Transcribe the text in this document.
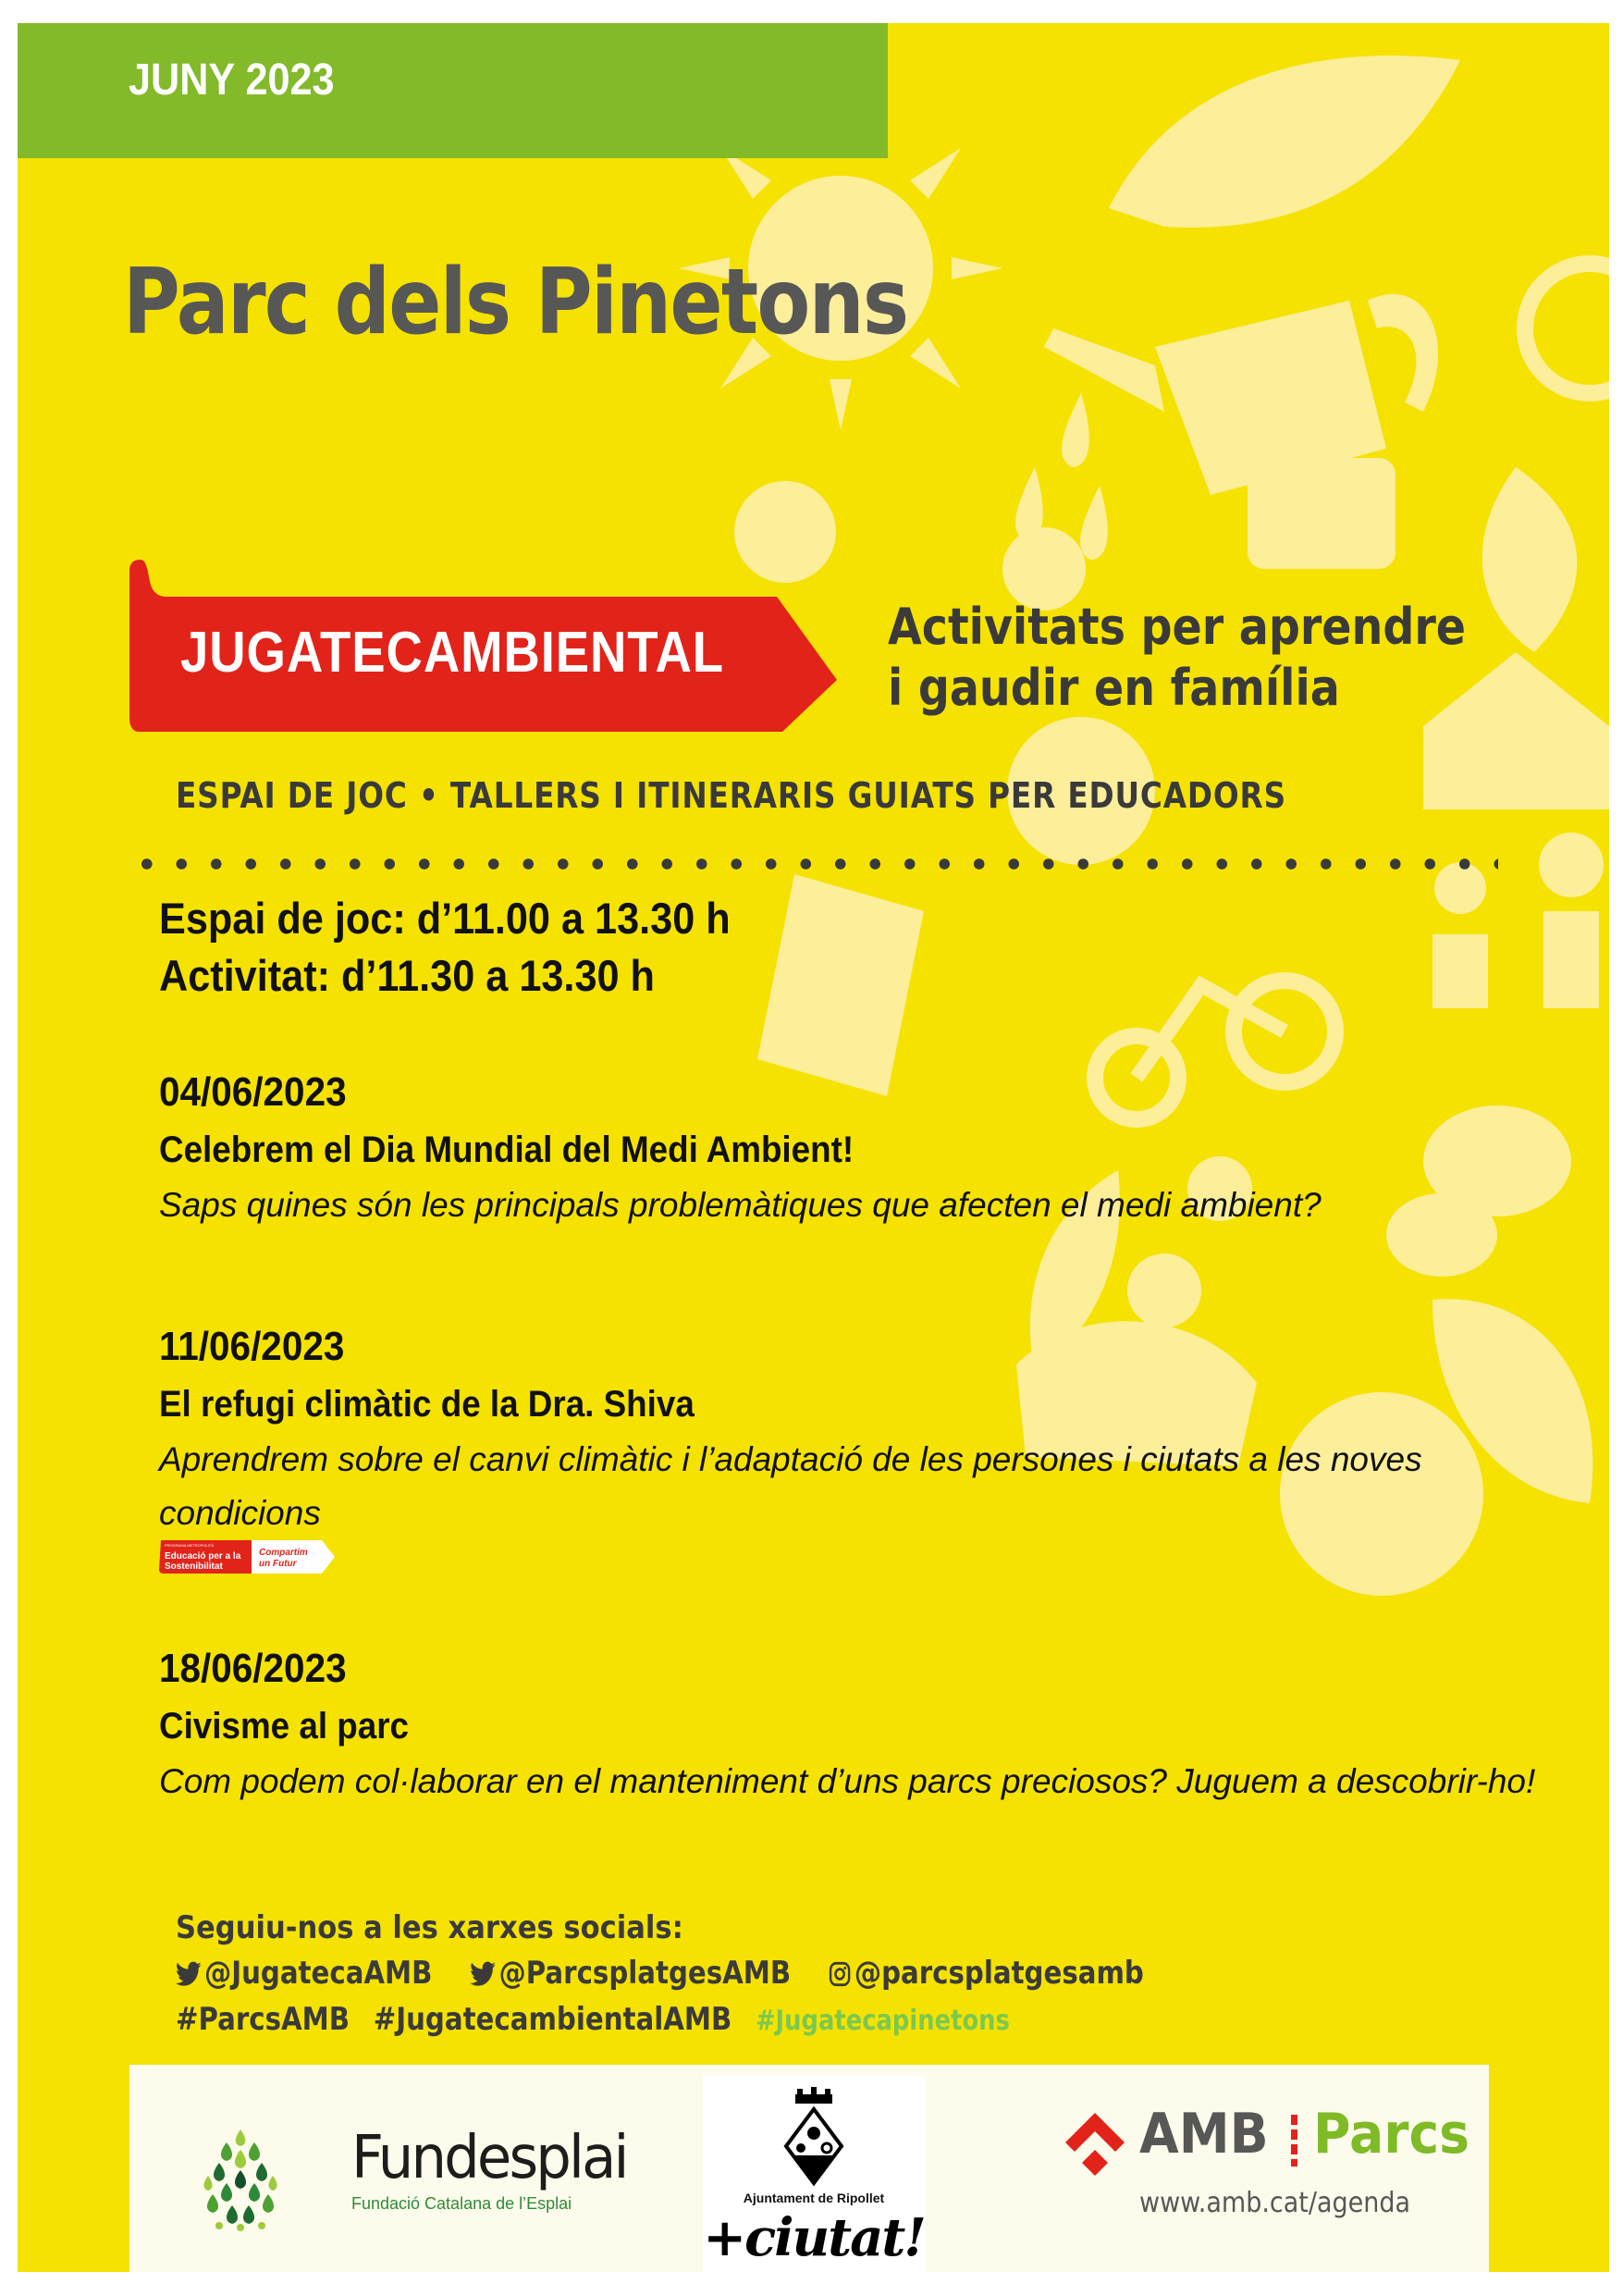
JUNY 2023
Parc dels Pinetons
JUGATECAMBIENTAL	Activitats per aprendre
i gaudir en família
ESPAI DE JOC • TALLERS I ITINERARIS GUIATS PER EDUCADORS
Espai de joc: d’11.00 a 13.30 h
Activitat: d’11.30 a 13.30 h
04/06/2023
Celebrem el Dia Mundial del Medi Ambient!
Saps quines són les principals problemàtiques que afecten el medi ambient?
11/06/2023
El refugi climàtic de la Dra. Shiva
Aprendrem sobre el canvi climàtic i l’adaptació de les persones i ciutats a les noves condicions
PROGRAMA METROPOLITÀ
Educació per a la
Sostenibilitat
Compartim
un Futur
18/06/2023
Civisme al parc
Com podem col·laborar en el manteniment d’uns parcs preciosos? Juguem a descobrir-ho!
Seguiu-nos a les xarxes socials:
@JugatecaAMB @ParcsplatgesAMB @parcsplatgesamb
#ParcsAMB #JugatecambientalAMB #Jugatecapinetons
Fundesplai
Fundació Catalana de l’Esplai	Ajuntament de Ripollet
+ciutat!
AMB Parcs
www.amb.cat/agenda
